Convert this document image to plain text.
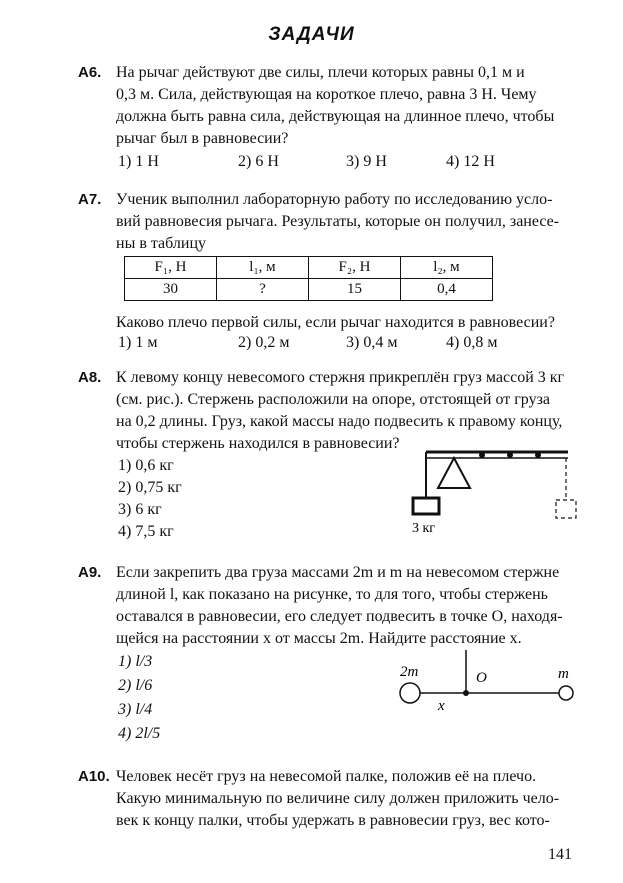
ЗАДАЧИ
А6. На рычаг действуют две силы, плечи которых равны 0,1 м и
0,3 м. Сила, действующая на короткое плечо, равна 3 Н. Чему
должна быть равна сила, действующая на длинное плечо, чтобы
рычаг был в равновесии?
1) 1 Н	2) 6 Н	3) 9 Н	4) 12 Н
А7. Ученик выполнил лабораторную работу по исследованию усло-
вий равновесия рычага. Результаты, которые он получил, занесе-
ны в таблицу
F₁, Н	l₁, м	F₂, Н	l₂, м
30	?	15	0,4
Каково плечо первой силы, если рычаг находится в равновесии?
1) 1 м	2) 0,2 м	3) 0,4 м	4) 0,8 м
А8. К левому концу невесомого стержня прикреплён груз массой 3 кг
(см. рис.). Стержень расположили на опоре, отстоящей от груза
на 0,2 длины. Груз, какой массы надо подвесить к правому концу,
чтобы стержень находился в равновесии?
1) 0,6 кг
2) 0,75 кг
3) 6 кг
4) 7,5 кг	3 кг
А9. Если закрепить два груза массами 2m и m на невесомом стержне
длиной l, как показано на рисунке, то для того, чтобы стержень
оставался в равновесии, его следует подвесить в точке O, находя-
щейся на расстоянии x от массы 2m. Найдите расстояние x.
1) l/3
2) l/6
3) l/4
4) 2l/5
2m	O	m
x
А10. Человек несёт груз на невесомой палке, положив её на плечо.
Какую минимальную по величине силу должен приложить чело-
век к концу палки, чтобы удержать в равновесии груз, вес кото-
141
